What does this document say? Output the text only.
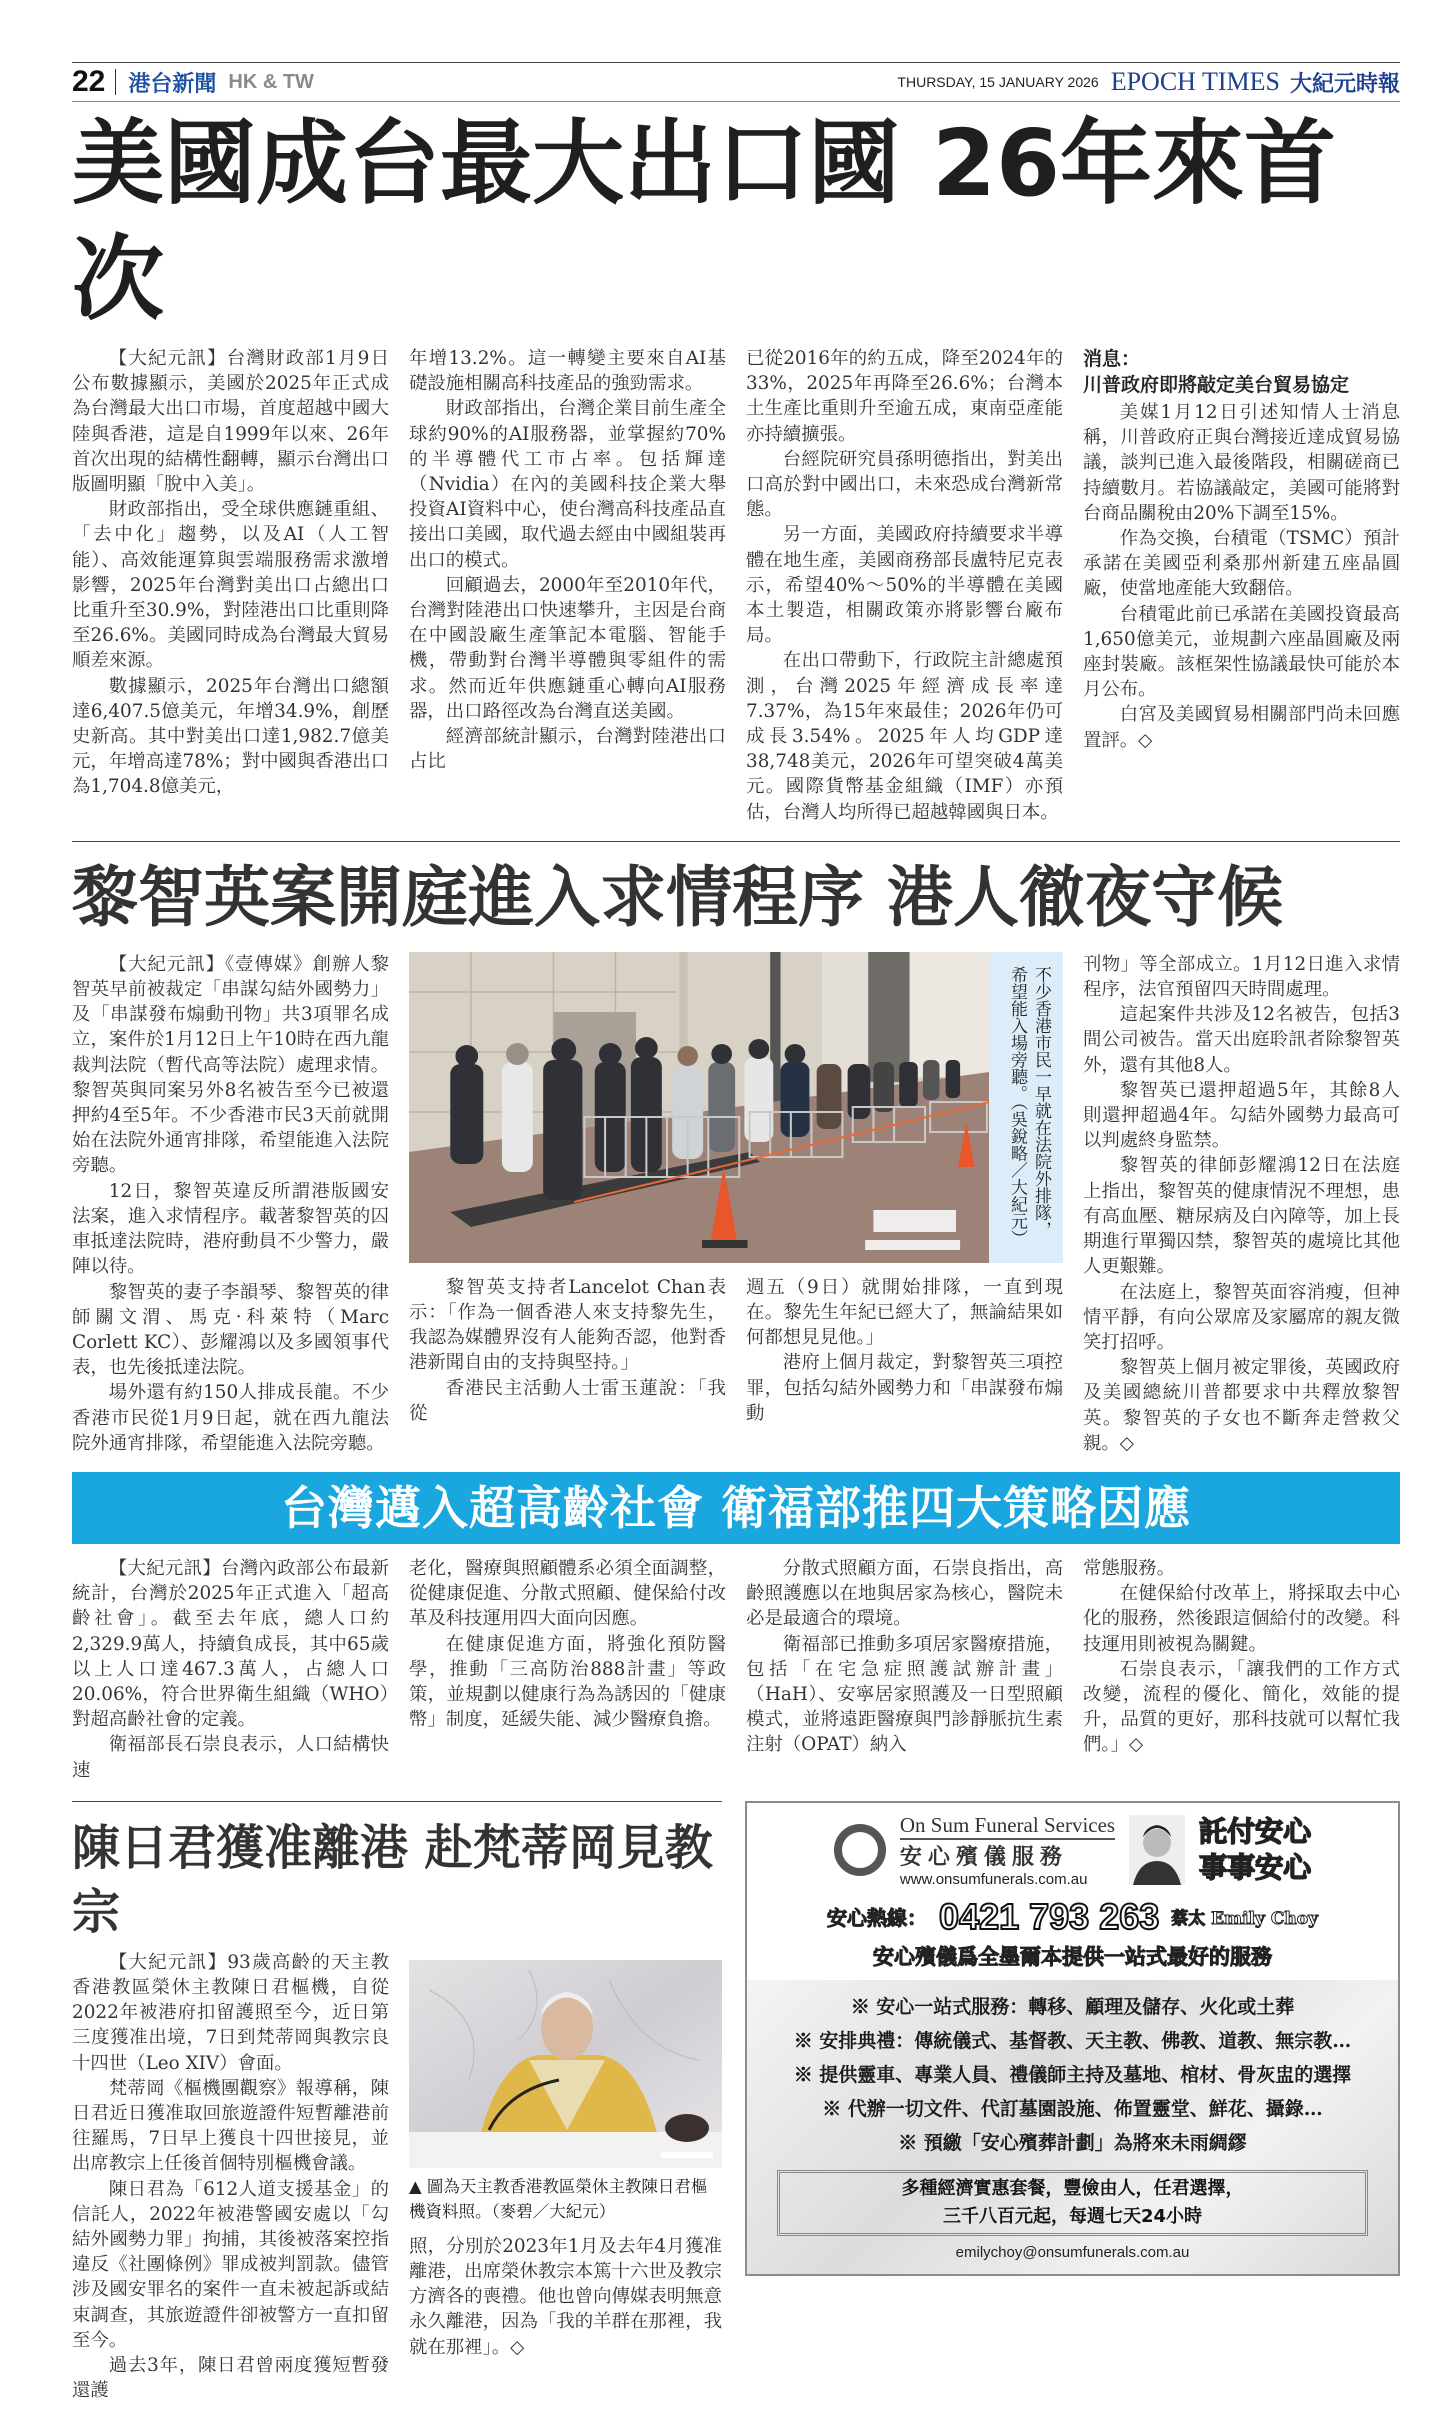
22 港台新聞 HK & TW	THURSDAY, 15 JANUARY 2026 EPOCH TIMES 大紀元時報
美國成台最大出口國 26年來首次

【大紀元訊】台灣財政部1月9日公布數據顯示，美國於2025年正式成為台灣最大出口市場，首度超越中國大陸與香港，這是自1999年以來、26年首次出現的結構性翻轉，顯示台灣出口版圖明顯「脫中入美」。

財政部指出，受全球供應鏈重組、「去中化」趨勢，以及AI（人工智能）、高效能運算與雲端服務需求激增影響，2025年台灣對美出口占總出口比重升至30.9%，對陸港出口比重則降至26.6%。美國同時成為台灣最大貿易順差來源。

數據顯示，2025年台灣出口總額達6,407.5億美元，年增34.9%，創歷史新高。其中對美出口達1,982.7億美元，年增高達78%；對中國與香港出口為1,704.8億美元，

年增13.2%。這一轉變主要來自AI基礎設施相關高科技產品的強勁需求。

財政部指出，台灣企業目前生產全球約90%的AI服務器，並掌握約70%的半導體代工市占率。包括輝達（Nvidia）在內的美國科技企業大舉投資AI資料中心，使台灣高科技產品直接出口美國，取代過去經由中國組裝再出口的模式。

回顧過去，2000年至2010年代，台灣對陸港出口快速攀升，主因是台商在中國設廠生產筆記本電腦、智能手機，帶動對台灣半導體與零組件的需求。然而近年供應鏈重心轉向AI服務器，出口路徑改為台灣直送美國。

經濟部統計顯示，台灣對陸港出口占比

已從2016年的約五成，降至2024年的33%，2025年再降至26.6%；台灣本土生產比重則升至逾五成，東南亞產能亦持續擴張。

台經院研究員孫明德指出，對美出口高於對中國出口，未來恐成台灣新常態。

另一方面，美國政府持續要求半導體在地生產，美國商務部長盧特尼克表示，希望40%～50%的半導體在美國本土製造，相關政策亦將影響台廠布局。

在出口帶動下，行政院主計總處預測，台灣2025年經濟成長率達7.37%，為15年來最佳；2026年仍可成長3.54%。2025年人均GDP達38,748美元，2026年可望突破4萬美元。國際貨幣基金組織（IMF）亦預估，台灣人均所得已超越韓國與日本。

消息：
川普政府即將敲定美台貿易協定

美媒1月12日引述知情人士消息稱，川普政府正與台灣接近達成貿易協議，談判已進入最後階段，相關磋商已持續數月。若協議敲定，美國可能將對台商品關稅由20%下調至15%。

作為交換，台積電（TSMC）預計承諾在美國亞利桑那州新建五座晶圓廠，使當地產能大致翻倍。

台積電此前已承諾在美國投資最高1,650億美元，並規劃六座晶圓廠及兩座封裝廠。該框架性協議最快可能於本月公布。

白宮及美國貿易相關部門尚未回應置評。◇

黎智英案開庭進入求情程序 港人徹夜守候

【大紀元訊】《壹傳媒》創辦人黎智英早前被裁定「串謀勾結外國勢力」及「串謀發布煽動刊物」共3項罪名成立，案件於1月12日上午10時在西九龍裁判法院（暫代高等法院）處理求情。黎智英與同案另外8名被告至今已被還押約4至5年。不少香港市民3天前就開始在法院外通宵排隊，希望能進入法院旁聽。

12日，黎智英違反所謂港版國安法案，進入求情程序。載著黎智英的囚車抵達法院時，港府動員不少警力，嚴陣以待。

黎智英的妻子李韻琴、黎智英的律師關文渭、馬克·科萊特（Marc Corlett KC）、彭耀鴻以及多國領事代表，也先後抵達法院。

場外還有約150人排成長龍。不少香港市民從1月9日起，就在西九龍法院外通宵排隊，希望能進入法院旁聽。

不少香港市民一早就在法院外排隊，希望能入場旁聽。（吳銳略／大紀元）

黎智英支持者Lancelot Chan表示：「作為一個香港人來支持黎先生，我認為媒體界沒有人能夠否認，他對香港新聞自由的支持與堅持。」

香港民主活動人士雷玉蓮說：「我從

週五（9日）就開始排隊，一直到現在。黎先生年紀已經大了，無論結果如何都想見見他。」

港府上個月裁定，對黎智英三項控罪，包括勾結外國勢力和「串謀發布煽動

刊物」等全部成立。1月12日進入求情程序，法官預留四天時間處理。

這起案件共涉及12名被告，包括3間公司被告。當天出庭聆訊者除黎智英外，還有其他8人。

黎智英已還押超過5年，其餘8人則還押超過4年。勾結外國勢力最高可以判處終身監禁。

黎智英的律師彭耀鴻12日在法庭上指出，黎智英的健康情況不理想，患有高血壓、糖尿病及白內障等，加上長期進行單獨囚禁，黎智英的處境比其他人更艱難。

在法庭上，黎智英面容消瘦，但神情平靜，有向公眾席及家屬席的親友微笑打招呼。

黎智英上個月被定罪後，英國政府及美國總統川普都要求中共釋放黎智英。黎智英的子女也不斷奔走營救父親。◇

台灣邁入超高齡社會 衛福部推四大策略因應

【大紀元訊】台灣內政部公布最新統計，台灣於2025年正式進入「超高齡社會」。截至去年底，總人口約2,329.9萬人，持續負成長，其中65歲以上人口達467.3萬人，占總人口20.06%，符合世界衛生組織（WHO）對超高齡社會的定義。

衛福部長石崇良表示，人口結構快速

老化，醫療與照顧體系必須全面調整，從健康促進、分散式照顧、健保給付改革及科技運用四大面向因應。

在健康促進方面，將強化預防醫學，推動「三高防治888計畫」等政策，並規劃以健康行為為誘因的「健康幣」制度，延緩失能、減少醫療負擔。

分散式照顧方面，石崇良指出，高齡照護應以在地與居家為核心，醫院未必是最適合的環境。

衛福部已推動多項居家醫療措施，包括「在宅急症照護試辦計畫」（HaH）、安寧居家照護及一日型照顧模式，並將遠距醫療與門診靜脈抗生素注射（OPAT）納入

常態服務。

在健保給付改革上，將採取去中心化的服務，然後跟這個給付的改變。科技運用則被視為關鍵。

石崇良表示，「讓我們的工作方式改變，流程的優化、簡化，效能的提升，品質的更好，那科技就可以幫忙我們。」◇

陳日君獲准離港 赴梵蒂岡見教宗

【大紀元訊】93歲高齡的天主教香港教區榮休主教陳日君樞機，自從2022年被港府扣留護照至今，近日第三度獲准出境，7日到梵蒂岡與教宗良十四世（Leo XIV）會面。

梵蒂岡《樞機團觀察》報導稱，陳日君近日獲准取回旅遊證件短暫離港前往羅馬，7日早上獲良十四世接見，並出席教宗上任後首個特別樞機會議。

陳日君為「612人道支援基金」的信託人，2022年被港警國安處以「勾結外國勢力罪」拘捕，其後被落案控指違反《社團條例》罪成被判罰款。儘管涉及國安罪名的案件一直未被起訴或結束調查，其旅遊證件卻被警方一直扣留至今。

過去3年，陳日君曾兩度獲短暫發還護

▲ 圖為天主教香港教區榮休主教陳日君樞機資料照。（麥碧／大紀元）

照，分別於2023年1月及去年4月獲准離港，出席榮休教宗本篤十六世及教宗方濟各的喪禮。他也曾向傳媒表明無意永久離港，因為「我的羊群在那裡，我就在那裡」。◇

On Sum Funeral Services
安心殯儀服務
www.onsumfunerals.com.au
託付安心
事事安心
安心熱線： 0421 793 263 蔡太 Emily Choy
安心殯儀爲全墨爾本提供一站式最好的服務
※ 安心一站式服務：轉移、顧理及儲存、火化或土葬
※ 安排典禮：傳統儀式、基督教、天主教、佛教、道教、無宗教…
※ 提供靈車、專業人員、禮儀師主持及墓地、棺材、骨灰盅的選擇
※ 代辦一切文件、代訂墓園設施、佈置靈堂、鮮花、攝錄…
※ 預繳「安心殯葬計劃」為將來未雨綢繆
多種經濟實惠套餐，豐儉由人，任君選擇，
三千八百元起，每週七天24小時
emilychoy@onsumfunerals.com.au
